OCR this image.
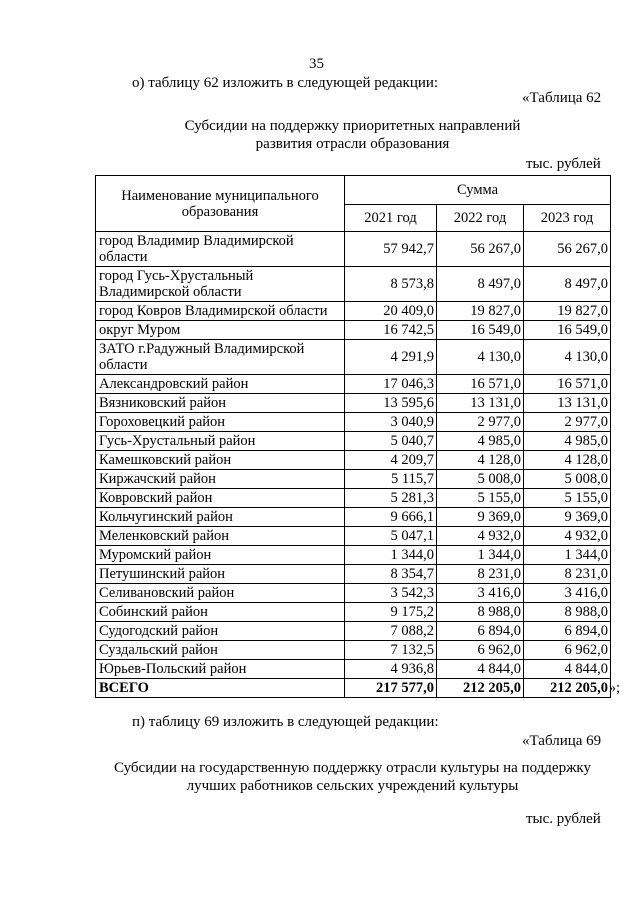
35
о) таблицу 62 изложить в следующей редакции:
«Таблица 62
Субсидии на поддержку приоритетных направлений
развития отрасли образования
тыс. рублей
Наименование муниципального образования	Сумма		
	2021 год	2022 год	2023 год
город Владимир Владимирской области	57 942,7	56 267,0	56 267,0
город Гусь-Хрустальный Владимирской области	8 573,8	8 497,0	8 497,0
город Ковров Владимирской области	20 409,0	19 827,0	19 827,0
округ Муром	16 742,5	16 549,0	16 549,0
ЗАТО г.Радужный Владимирской области	4 291,9	4 130,0	4 130,0
Александровский район	17 046,3	16 571,0	16 571,0
Вязниковский район	13 595,6	13 131,0	13 131,0
Гороховецкий район	3 040,9	2 977,0	2 977,0
Гусь-Хрустальный район	5 040,7	4 985,0	4 985,0
Камешковский район	4 209,7	4 128,0	4 128,0
Киржачский район	5 115,7	5 008,0	5 008,0
Ковровский район	5 281,3	5 155,0	5 155,0
Кольчугинский район	9 666,1	9 369,0	9 369,0
Меленковский район	5 047,1	4 932,0	4 932,0
Муромский район	1 344,0	1 344,0	1 344,0
Петушинский район	8 354,7	8 231,0	8 231,0
Селивановский район	3 542,3	3 416,0	3 416,0
Собинский район	9 175,2	8 988,0	8 988,0
Судогодский район	7 088,2	6 894,0	6 894,0
Суздальский район	7 132,5	6 962,0	6 962,0
Юрьев-Польский район	4 936,8	4 844,0	4 844,0
ВСЕГО	217 577,0	212 205,0	212 205,0 »;
п) таблицу 69 изложить в следующей редакции:
«Таблица 69
Субсидии на государственную поддержку отрасли культуры на поддержку
лучших работников сельских учреждений культуры
тыс. рублей
